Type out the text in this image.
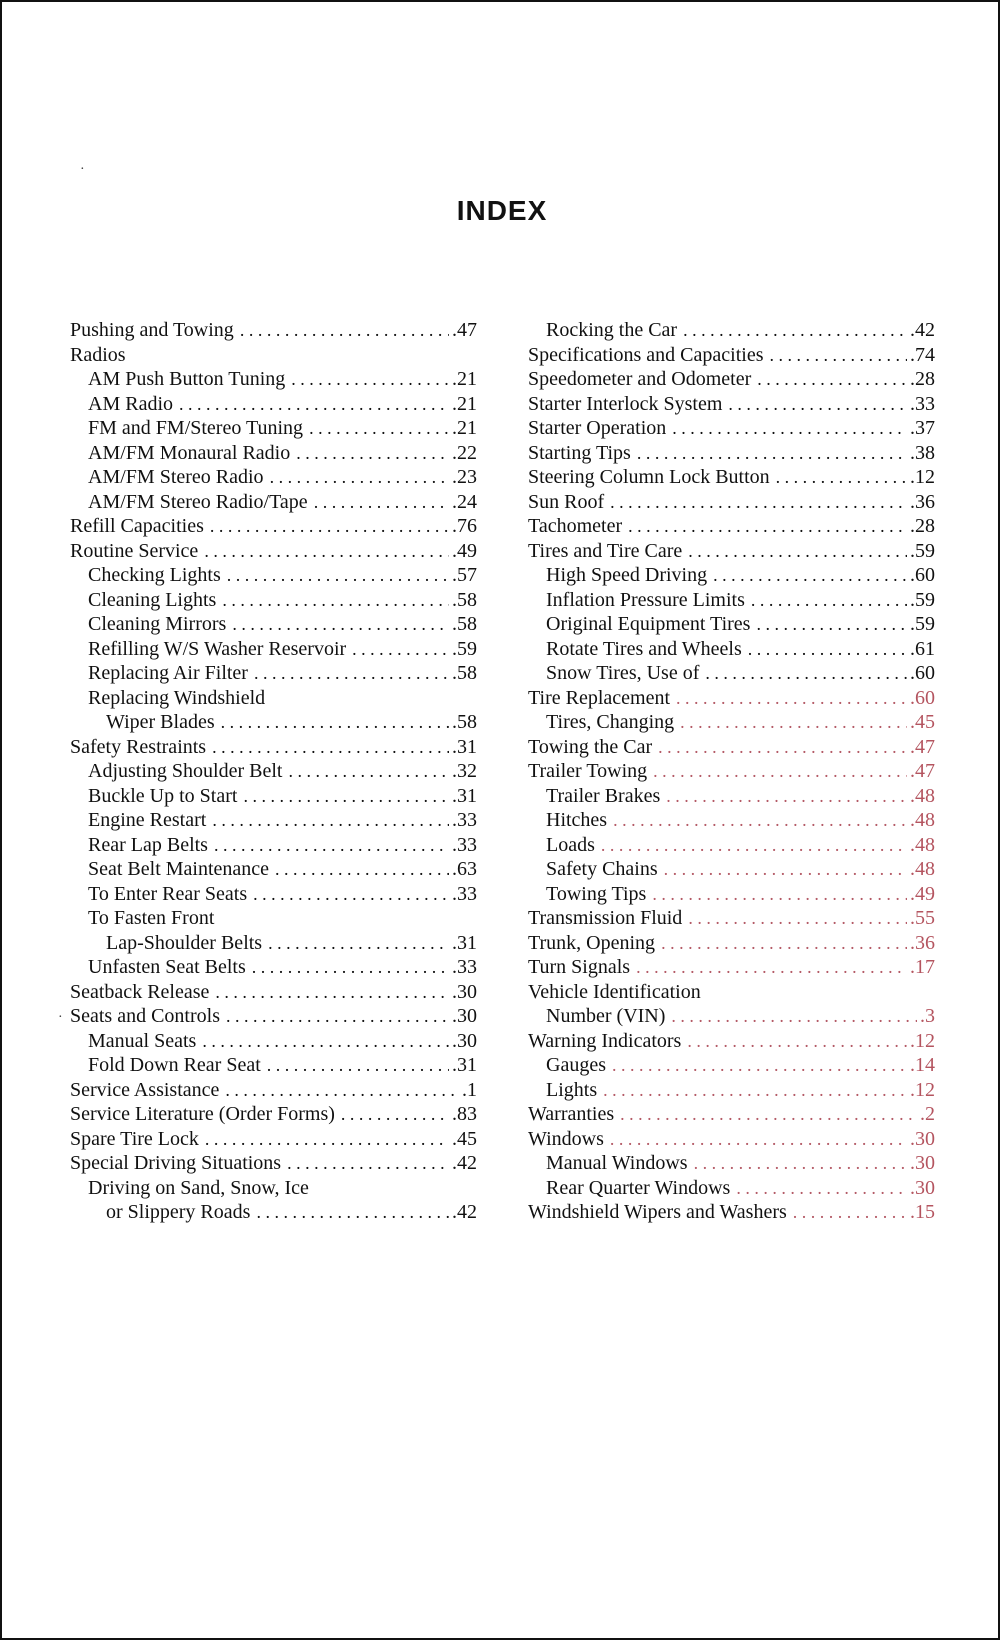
INDEX
·
·
Pushing and Towing . . .	.47
Radios
AM Push Button Tuning . . .	.21
AM Radio . . .	.21
FM and FM/Stereo Tuning . . .	.21
AM/FM Monaural Radio . . .	.22
AM/FM Stereo Radio . . .	.23
AM/FM Stereo Radio/Tape . . .	.24
Refill Capacities . . .	.76
Routine Service . . .	.49
Checking Lights . . .	.57
Cleaning Lights . . .	.58
Cleaning Mirrors . . .	.58
Refilling W/S Washer Reservoir . . .	.59
Replacing Air Filter . . .	.58
Replacing Windshield
Wiper Blades . . .	.58
Safety Restraints . . .	.31
Adjusting Shoulder Belt . . .	.32
Buckle Up to Start . . .	.31
Engine Restart . . .	.33
Rear Lap Belts . . .	.33
Seat Belt Maintenance . . .	.63
To Enter Rear Seats . . .	.33
To Fasten Front
Lap-Shoulder Belts . . .	.31
Unfasten Seat Belts . . .	.33
Seatback Release . . .	.30
Seats and Controls . . .	.30
Manual Seats . . .	.30
Fold Down Rear Seat . . .	.31
Service Assistance . . .	.1
Service Literature (Order Forms) . . .	.83
Spare Tire Lock . . .	.45
Special Driving Situations . . .	.42
Driving on Sand, Snow, Ice
or Slippery Roads . . .	.42
Rocking the Car . . .	.42
Specifications and Capacities . . .	.74
Speedometer and Odometer . . .	.28
Starter Interlock System . . .	.33
Starter Operation . . .	.37
Starting Tips . . .	.38
Steering Column Lock Button . . .	.12
Sun Roof . . .	.36
Tachometer . . .	.28
Tires and Tire Care . . .	.59
High Speed Driving . . .	.60
Inflation Pressure Limits . . .	.59
Original Equipment Tires . . .	.59
Rotate Tires and Wheels . . .	.61
Snow Tires, Use of . . .	.60
Tire Replacement . . .	.60
Tires, Changing . . .	.45
Towing the Car . . .	.47
Trailer Towing . . .	.47
Trailer Brakes . . .	.48
Hitches . . .	.48
Loads . . .	.48
Safety Chains . . .	.48
Towing Tips . . .	.49
Transmission Fluid . . .	.55
Trunk, Opening . . .	.36
Turn Signals . . .	.17
Vehicle Identification
Number (VIN) . . .	.3
Warning Indicators . . .	.12
Gauges . . .	.14
Lights . . .	.12
Warranties . . .	.2
Windows . . .	.30
Manual Windows . . .	.30
Rear Quarter Windows . . .	.30
Windshield Wipers and Washers . . .	.15
